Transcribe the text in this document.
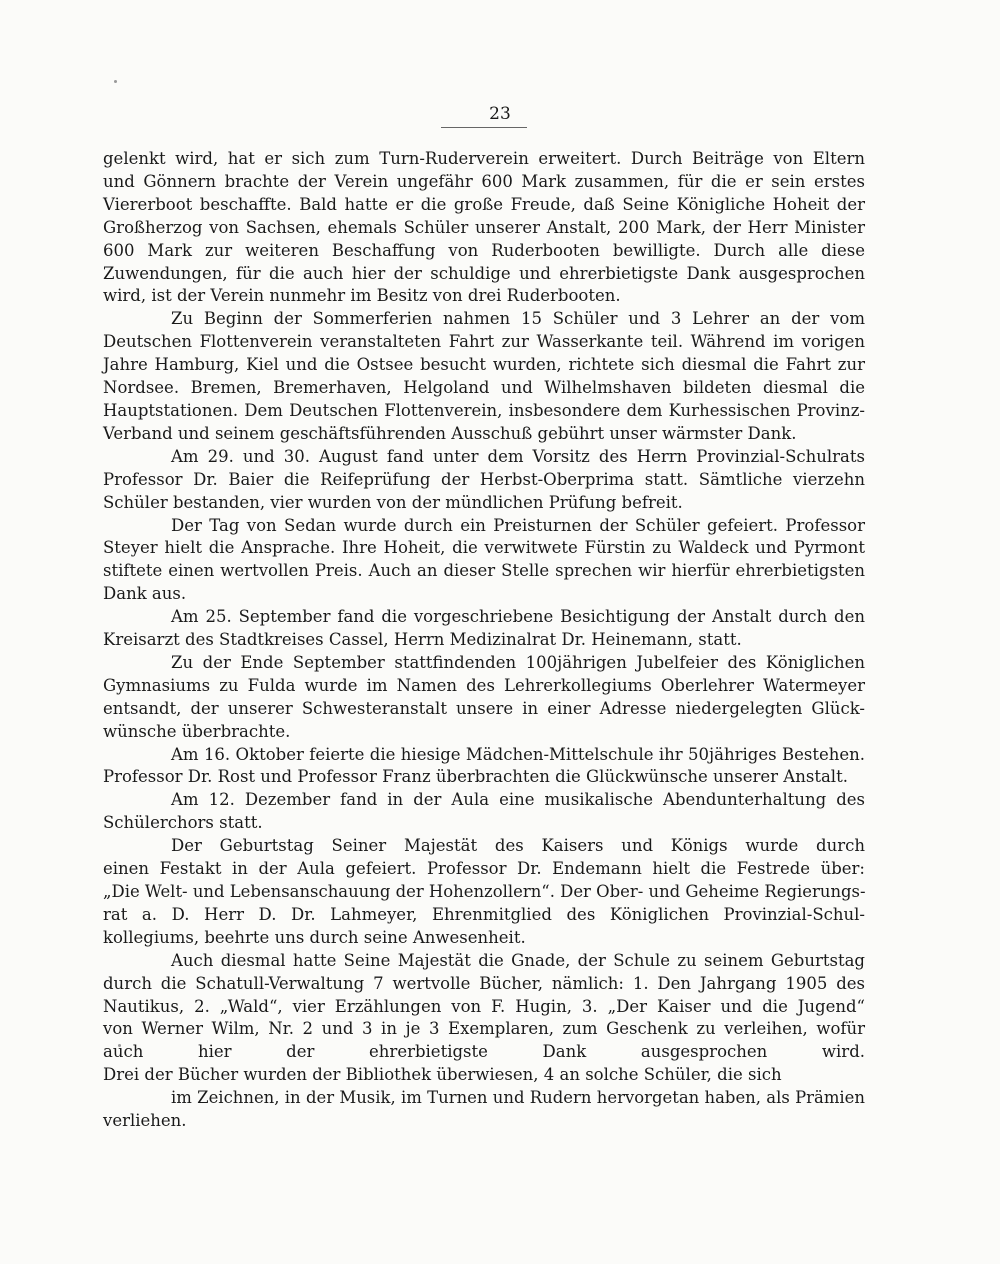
23
gelenkt wird, hat er sich zum Turn-Ruderverein erweitert. Durch Beiträge von Eltern
und Gönnern brachte der Verein ungefähr 600 Mark zusammen, für die er sein erstes
Viererboot beschaffte. Bald hatte er die große Freude, daß Seine Königliche Hoheit der
Großherzog von Sachsen, ehemals Schüler unserer Anstalt, 200 Mark, der Herr Minister
600 Mark zur weiteren Beschaffung von Ruderbooten bewilligte. Durch alle diese
Zuwendungen, für die auch hier der schuldige und ehrerbietigste Dank ausgesprochen
wird, ist der Verein nunmehr im Besitz von drei Ruderbooten.
Zu Beginn der Sommerferien nahmen 15 Schüler und 3 Lehrer an der vom
Deutschen Flottenverein veranstalteten Fahrt zur Wasserkante teil. Während im vorigen
Jahre Hamburg, Kiel und die Ostsee besucht wurden, richtete sich diesmal die Fahrt zur
Nordsee. Bremen, Bremerhaven, Helgoland und Wilhelmshaven bildeten diesmal die
Hauptstationen. Dem Deutschen Flottenverein, insbesondere dem Kurhessischen Provinz-
Verband und seinem geschäftsführenden Ausschuß gebührt unser wärmster Dank.
Am 29. und 30. August fand unter dem Vorsitz des Herrn Provinzial-Schulrats
Professor Dr. Baier die Reifeprüfung der Herbst-Oberprima statt. Sämtliche vierzehn
Schüler bestanden, vier wurden von der mündlichen Prüfung befreit.
Der Tag von Sedan wurde durch ein Preisturnen der Schüler gefeiert. Professor
Steyer hielt die Ansprache. Ihre Hoheit, die verwitwete Fürstin zu Waldeck und Pyrmont
stiftete einen wertvollen Preis. Auch an dieser Stelle sprechen wir hierfür ehrerbietigsten
Dank aus.
Am 25. September fand die vorgeschriebene Besichtigung der Anstalt durch den
Kreisarzt des Stadtkreises Cassel, Herrn Medizinalrat Dr. Heinemann, statt.
Zu der Ende September stattfindenden 100jährigen Jubelfeier des Königlichen
Gymnasiums zu Fulda wurde im Namen des Lehrerkollegiums Oberlehrer Watermeyer
entsandt, der unserer Schwesteranstalt unsere in einer Adresse niedergelegten Glück-
wünsche überbrachte.
Am 16. Oktober feierte die hiesige Mädchen-Mittelschule ihr 50jähriges Bestehen.
Professor Dr. Rost und Professor Franz überbrachten die Glückwünsche unserer Anstalt.
Am 12. Dezember fand in der Aula eine musikalische Abendunterhaltung des
Schülerchors statt.
Der Geburtstag Seiner Majestät des Kaisers und Königs wurde durch
einen Festakt in der Aula gefeiert. Professor Dr. Endemann hielt die Festrede über:
„Die Welt- und Lebensanschauung der Hohenzollern“. Der Ober- und Geheime Regierungs-
rat a. D. Herr D. Dr. Lahmeyer, Ehrenmitglied des Königlichen Provinzial-Schul-
kollegiums, beehrte uns durch seine Anwesenheit.
Auch diesmal hatte Seine Majestät die Gnade, der Schule zu seinem Geburtstag
durch die Schatull-Verwaltung 7 wertvolle Bücher, nämlich: 1. Den Jahrgang 1905 des
Nautikus, 2. „Wald“, vier Erzählungen von F. Hugin, 3. „Der Kaiser und die Jugend“
von Werner Wilm, Nr. 2 und 3 in je 3 Exemplaren, zum Geschenk zu verleihen, wofür
auch hier der ehrerbietigste Dank ausgesprochen wird.
Drei der Bücher wurden der Bibliothek überwiesen, 4 an solche Schüler, die sich
im Zeichnen, in der Musik, im Turnen und Rudern hervorgetan haben, als Prämien
verliehen.
